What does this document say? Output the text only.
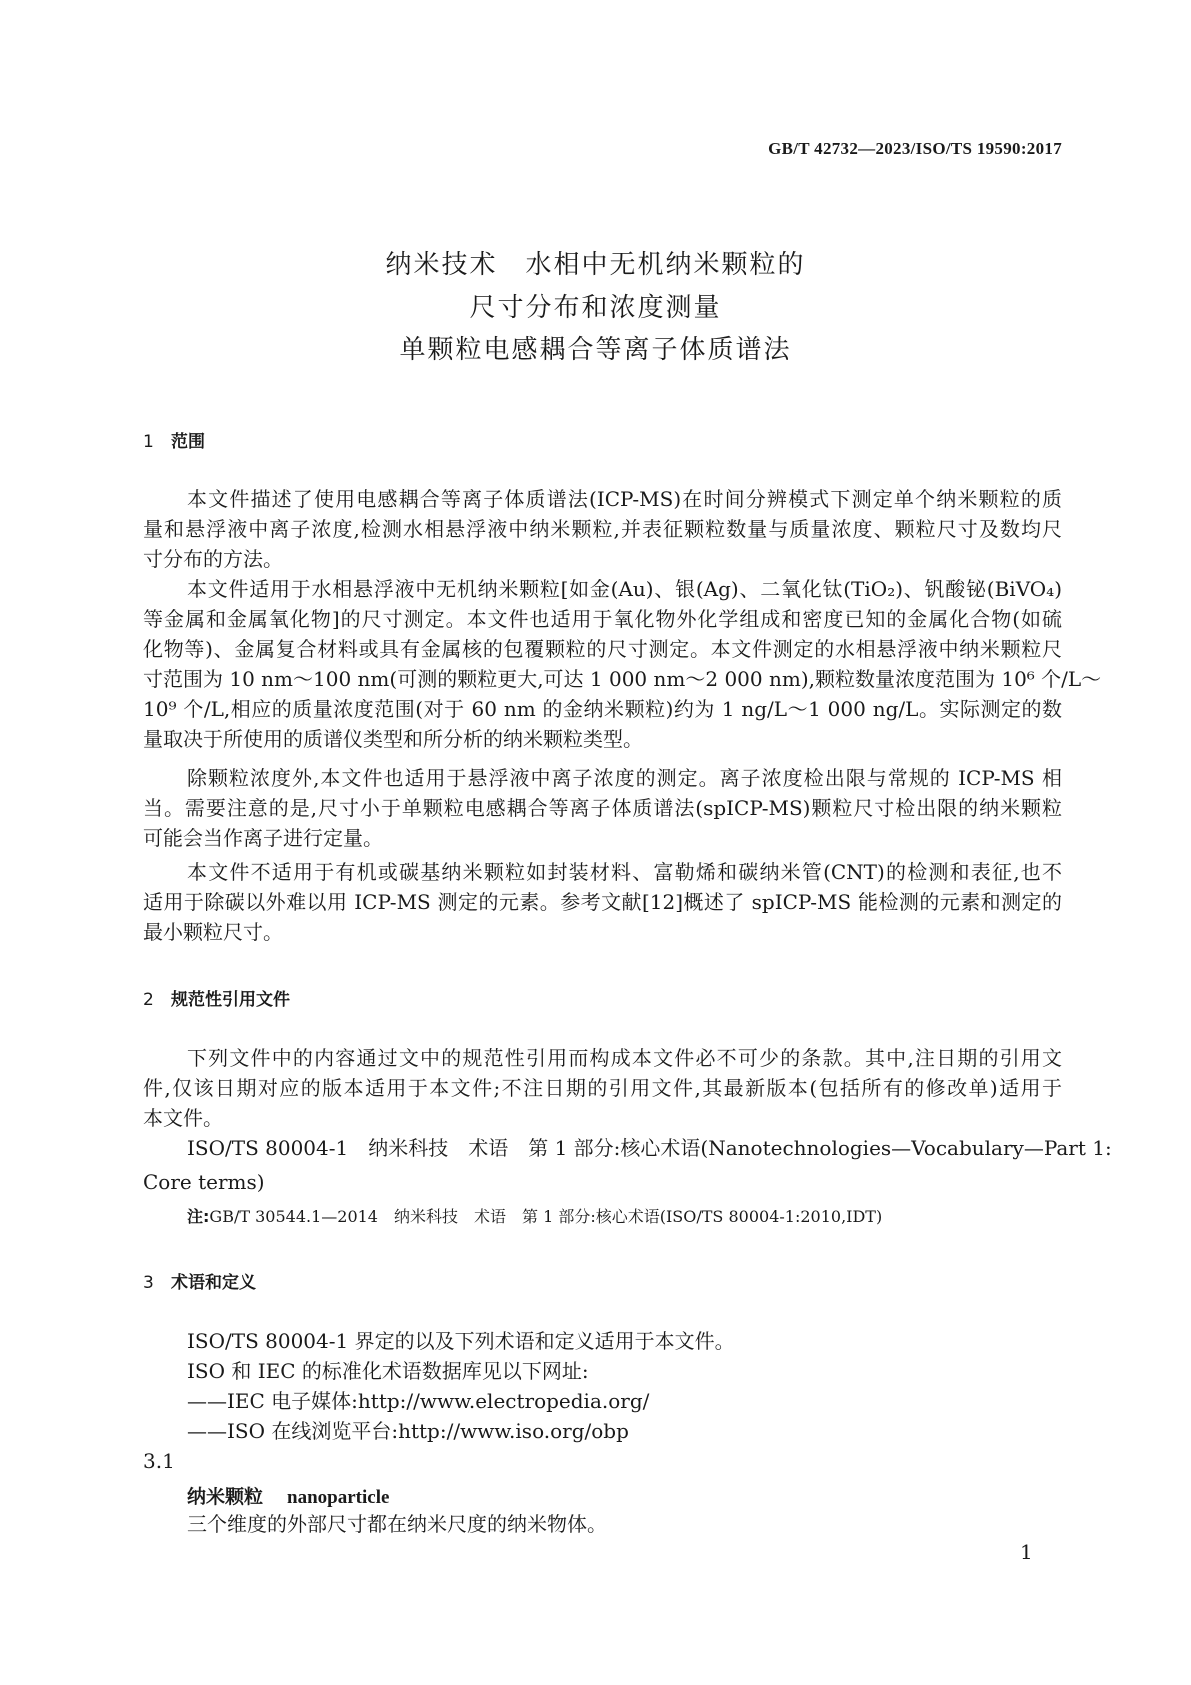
GB/T 42732—2023/ISO/TS 19590:2017
纳米技术　水相中无机纳米颗粒的
尺寸分布和浓度测量
单颗粒电感耦合等离子体质谱法
1 范围
本文件描述了使用电感耦合等离子体质谱法(ICP-MS)在时间分辨模式下测定单个纳米颗粒的质
量和悬浮液中离子浓度,检测水相悬浮液中纳米颗粒,并表征颗粒数量与质量浓度、颗粒尺寸及数均尺
寸分布的方法。
本文件适用于水相悬浮液中无机纳米颗粒[如金(Au)、银(Ag)、二氧化钛(TiO₂)、钒酸铋(BiVO₄)
等金属和金属氧化物]的尺寸测定。本文件也适用于氧化物外化学组成和密度已知的金属化合物(如硫
化物等)、金属复合材料或具有金属核的包覆颗粒的尺寸测定。本文件测定的水相悬浮液中纳米颗粒尺
寸范围为 10 nm～100 nm(可测的颗粒更大,可达 1 000 nm～2 000 nm),颗粒数量浓度范围为 10⁶ 个/L～
10⁹ 个/L,相应的质量浓度范围(对于 60 nm 的金纳米颗粒)约为 1 ng/L～1 000 ng/L。实际测定的数
量取决于所使用的质谱仪类型和所分析的纳米颗粒类型。
除颗粒浓度外,本文件也适用于悬浮液中离子浓度的测定。离子浓度检出限与常规的 ICP-MS 相
当。需要注意的是,尺寸小于单颗粒电感耦合等离子体质谱法(spICP-MS)颗粒尺寸检出限的纳米颗粒
可能会当作离子进行定量。
本文件不适用于有机或碳基纳米颗粒如封装材料、富勒烯和碳纳米管(CNT)的检测和表征,也不
适用于除碳以外难以用 ICP-MS 测定的元素。参考文献[12]概述了 spICP-MS 能检测的元素和测定的
最小颗粒尺寸。
2 规范性引用文件
下列文件中的内容通过文中的规范性引用而构成本文件必不可少的条款。其中,注日期的引用文
件,仅该日期对应的版本适用于本文件;不注日期的引用文件,其最新版本(包括所有的修改单)适用于
本文件。
ISO/TS 80004-1　纳米科技　术语　第 1 部分:核心术语(Nanotechnologies—Vocabulary—Part 1:
Core terms)
注:GB/T 30544.1—2014　纳米科技　术语　第 1 部分:核心术语(ISO/TS 80004-1:2010,IDT)
3 术语和定义
ISO/TS 80004-1 界定的以及下列术语和定义适用于本文件。
ISO 和 IEC 的标准化术语数据库见以下网址:
——IEC 电子媒体:http://www.electropedia.org/
——ISO 在线浏览平台:http://www.iso.org/obp
3.1
纳米颗粒 nanoparticle
三个维度的外部尺寸都在纳米尺度的纳米物体。
1
